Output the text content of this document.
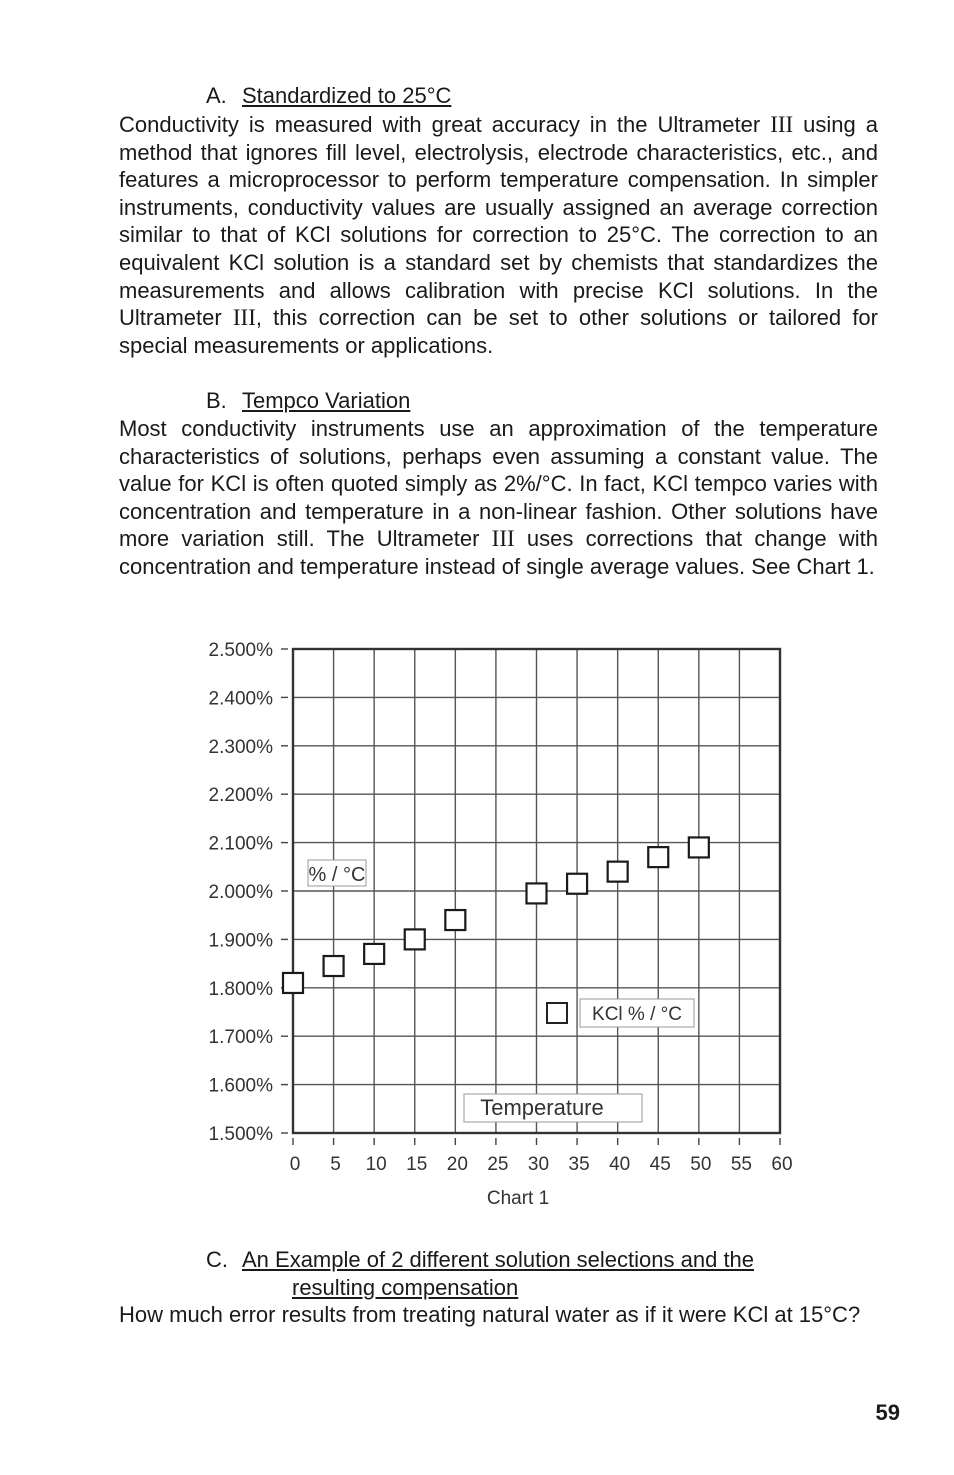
A. Standardized to 25°C

Conductivity is measured with great accuracy in the Ultrameter III using a method that ignores fill level, electrolysis, electrode characteristics, etc., and features a microprocessor to perform temperature compensation. In simpler instruments, conductivity values are usually assigned an average correction similar to that of KCl solutions for correction to 25°C. The correction to an equivalent KCl solution is a standard set by chemists that standardizes the measurements and allows calibration with precise KCl solutions. In the Ultrameter III, this correction can be set to other solutions or tailored for special measurements or applications.

B. Tempco Variation

Most conductivity instruments use an approximation of the temperature characteristics of solutions, perhaps even assuming a constant value. The value for KCl is often quoted simply as 2%/°C. In fact, KCl tempco varies with concentration and temperature in a non-linear fashion. Other solutions have more variation still. The Ultrameter III uses corrections that change with concentration and temperature instead of single average values. See Chart 1.

2.500%
2.400%
2.300%
2.200%
2.100%
2.000%
1.900%
1.800%
1.700%
1.600%
1.500%
0 5 10 15 20 25 30 35 40 45 50 55 60
% / °C
KCl % / °C
Temperature
Chart 1
C. An Example of 2 different solution selections and the
resulting compensation

How much error results from treating natural water as if it were KCl at 15°C?

59
